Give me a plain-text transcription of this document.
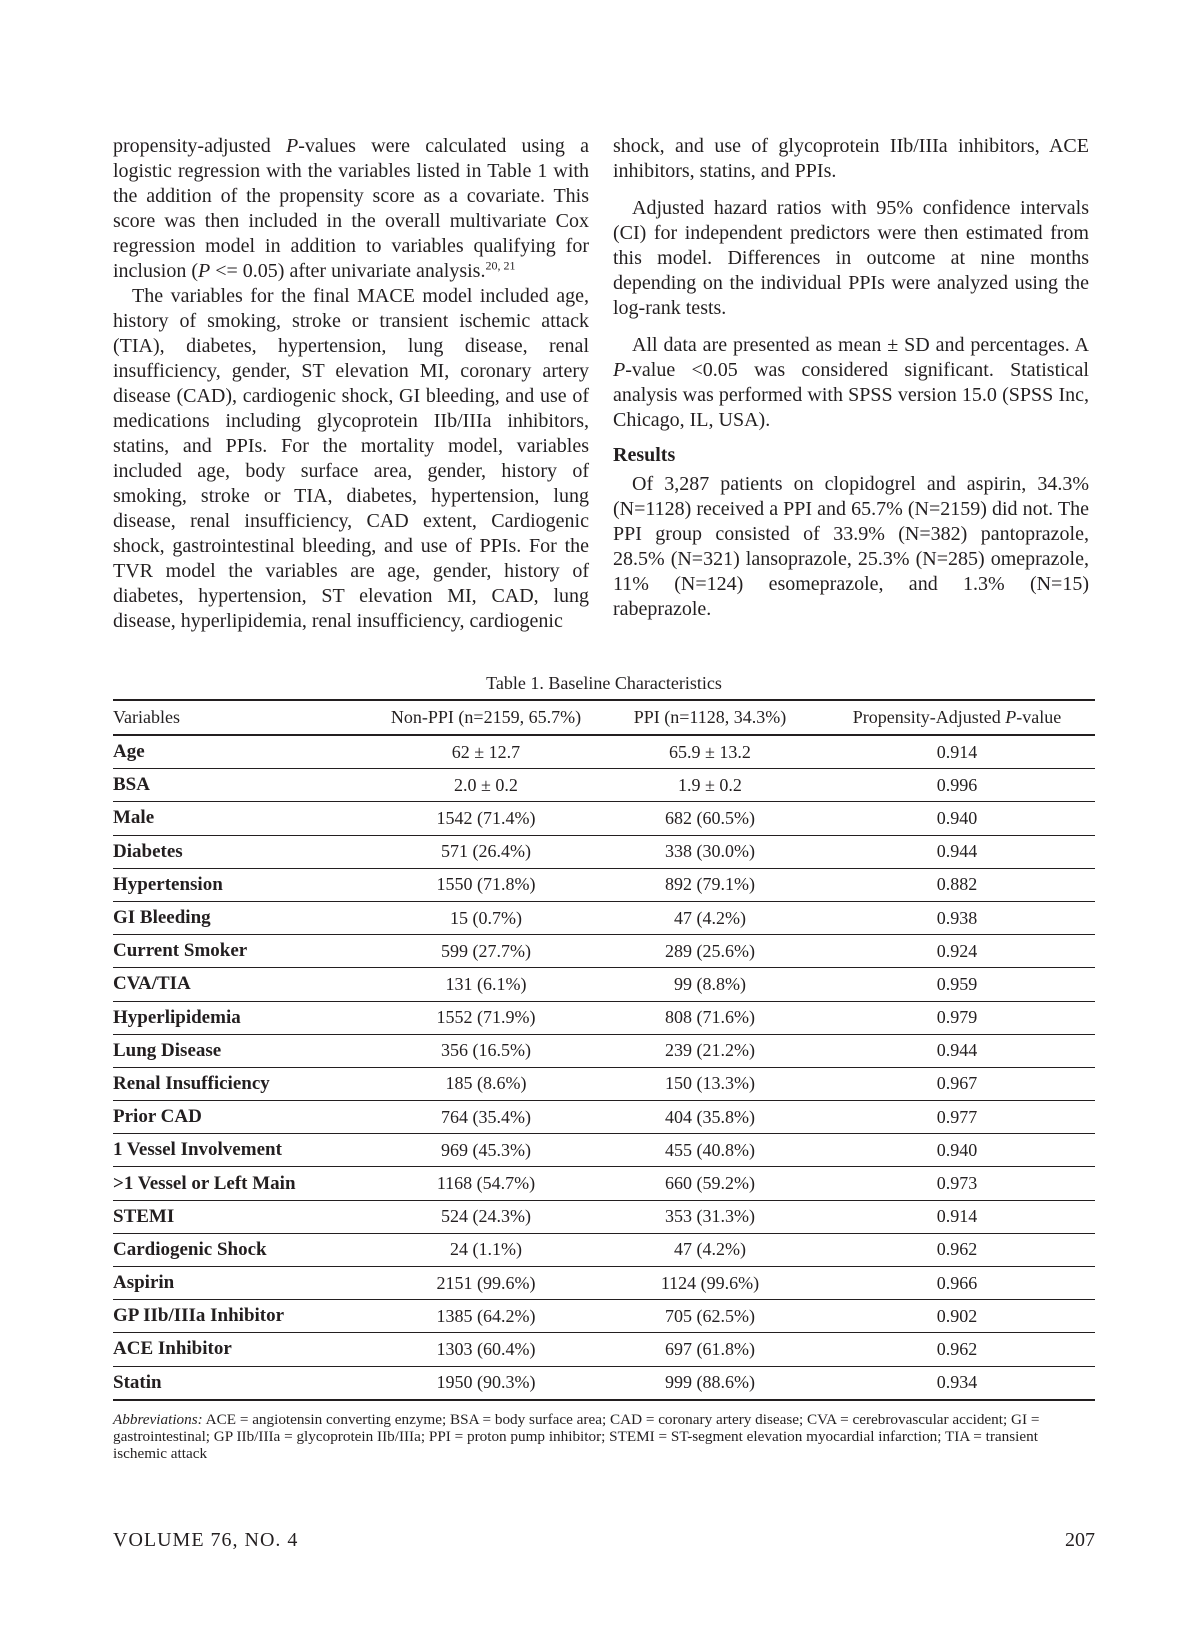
propensity-adjusted P-values were calculated using a logistic regression with the variables listed in Table 1 with the addition of the propensity score as a covariate. This score was then included in the overall multivariate Cox regression model in addition to variables qualifying for inclusion (P <= 0.05) after univariate analysis.$^{20, 21}$

The variables for the final MACE model included age, history of smoking, stroke or transient ischemic attack (TIA), diabetes, hypertension, lung disease, renal insufficiency, gender, ST elevation MI, coronary artery disease (CAD), cardiogenic shock, GI bleeding, and use of medications including glycoprotein IIb/IIIa inhibitors, statins, and PPIs. For the mortality model, variables included age, body surface area, gender, history of smoking, stroke or TIA, diabetes, hypertension, lung disease, renal insufficiency, CAD extent, Cardiogenic shock, gastrointestinal bleeding, and use of PPIs. For the TVR model the variables are age, gender, history of diabetes, hypertension, ST elevation MI, CAD, lung disease, hyperlipidemia, renal insufficiency, cardiogenic

shock, and use of glycoprotein IIb/IIIa inhibitors, ACE inhibitors, statins, and PPIs.

Adjusted hazard ratios with 95% confidence intervals (CI) for independent predictors were then estimated from this model. Differences in outcome at nine months depending on the individual PPIs were analyzed using the log-rank tests.

All data are presented as mean ± SD and percentages. A P-value <0.05 was considered significant. Statistical analysis was performed with SPSS version 15.0 (SPSS Inc, Chicago, IL, USA).

Results

Of 3,287 patients on clopidogrel and aspirin, 34.3% (N=1128) received a PPI and 65.7% (N=2159) did not. The PPI group consisted of 33.9% (N=382) pantoprazole, 28.5% (N=321) lansoprazole, 25.3% (N=285) omeprazole, 11% (N=124) esomeprazole, and 1.3% (N=15) rabeprazole.

Table 1. Baseline Characteristics
Variables	Non-PPI (n=2159, 65.7%)	PPI (n=1128, 34.3%)	Propensity-Adjusted P-value
Age	62 ± 12.7	65.9 ± 13.2	0.914
BSA	2.0 ± 0.2	1.9 ± 0.2	0.996
Male	1542 (71.4%)	682 (60.5%)	0.940
Diabetes	571 (26.4%)	338 (30.0%)	0.944
Hypertension	1550 (71.8%)	892 (79.1%)	0.882
GI Bleeding	15 (0.7%)	47 (4.2%)	0.938
Current Smoker	599 (27.7%)	289 (25.6%)	0.924
CVA/TIA	131 (6.1%)	99 (8.8%)	0.959
Hyperlipidemia	1552 (71.9%)	808 (71.6%)	0.979
Lung Disease	356 (16.5%)	239 (21.2%)	0.944
Renal Insufficiency	185 (8.6%)	150 (13.3%)	0.967
Prior CAD	764 (35.4%)	404 (35.8%)	0.977
1 Vessel Involvement	969 (45.3%)	455 (40.8%)	0.940
>1 Vessel or Left Main	1168 (54.7%)	660 (59.2%)	0.973
STEMI	524 (24.3%)	353 (31.3%)	0.914
Cardiogenic Shock	24 (1.1%)	47 (4.2%)	0.962
Aspirin	2151 (99.6%)	1124 (99.6%)	0.966
GP IIb/IIIa Inhibitor	1385 (64.2%)	705 (62.5%)	0.902
ACE Inhibitor	1303 (60.4%)	697 (61.8%)	0.962
Statin	1950 (90.3%)	999 (88.6%)	0.934
Abbreviations: ACE = angiotensin converting enzyme; BSA = body surface area; CAD = coronary artery disease; CVA = cerebrovascular accident; GI = gastrointestinal; GP IIb/IIIa = glycoprotein IIb/IIIa; PPI = proton pump inhibitor; STEMI = ST-segment elevation myocardial infarction; TIA = transient ischemic attack
VOLUME 76, NO. 4	207
